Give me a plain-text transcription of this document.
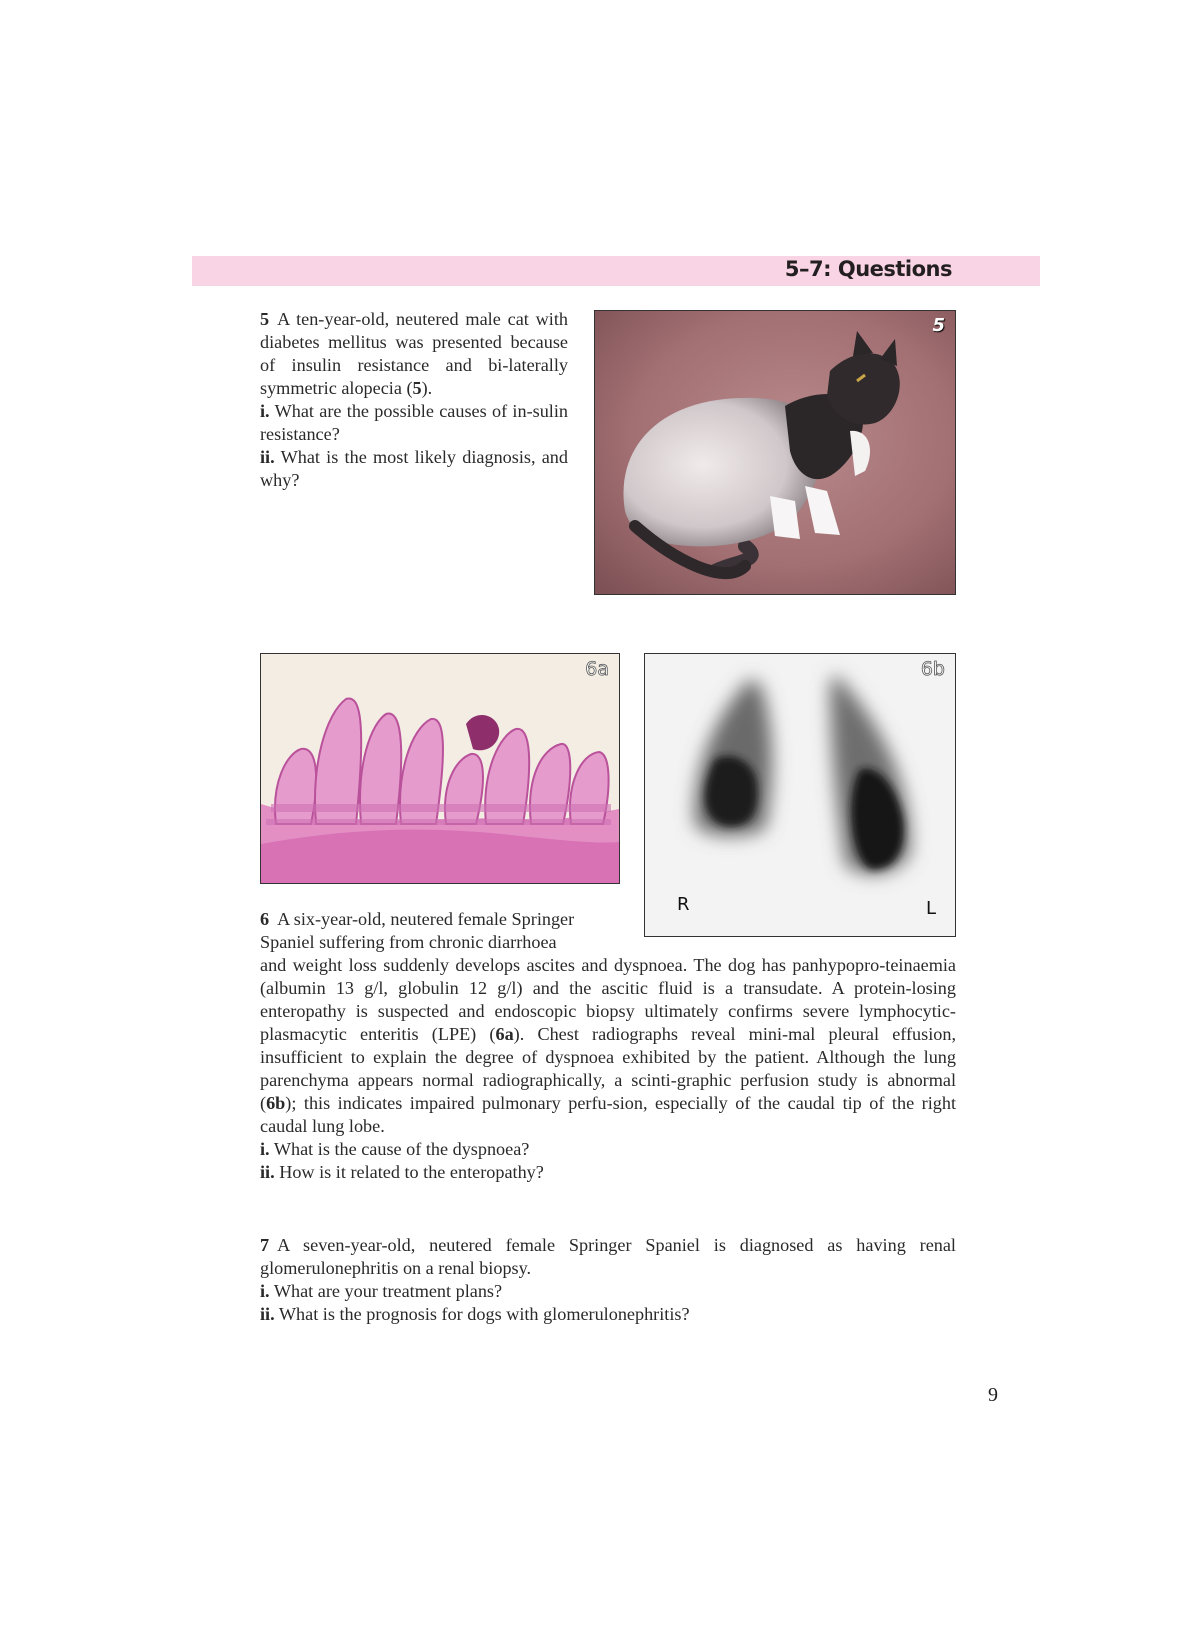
5–7: Questions

5 A ten-year-old, neutered male cat with diabetes mellitus was presented because of insulin resistance and bi-laterally symmetric alopecia (5).

i. What are the possible causes of in-sulin resistance?

ii. What is the most likely diagnosis, and why?

5
6a	6b
R	L

6 A six-year-old, neutered female Springer

Spaniel suffering from chronic diarrhoea

and weight loss suddenly develops ascites and dyspnoea. The dog has panhypopro-teinaemia (albumin 13 g/l, globulin 12 g/l) and the ascitic fluid is a transudate. A protein-losing enteropathy is suspected and endoscopic biopsy ultimately confirms severe lymphocytic-plasmacytic enteritis (LPE) (6a). Chest radiographs reveal mini-mal pleural effusion, insufficient to explain the degree of dyspnoea exhibited by the patient. Although the lung parenchyma appears normal radiographically, a scinti-graphic perfusion study is abnormal (6b); this indicates impaired pulmonary perfu-sion, especially of the caudal tip of the right caudal lung lobe.

i. What is the cause of the dyspnoea?

ii. How is it related to the enteropathy?

7 A seven-year-old, neutered female Springer Spaniel is diagnosed as having renal glomerulonephritis on a renal biopsy.

i. What are your treatment plans?

ii. What is the prognosis for dogs with glomerulonephritis?

9
